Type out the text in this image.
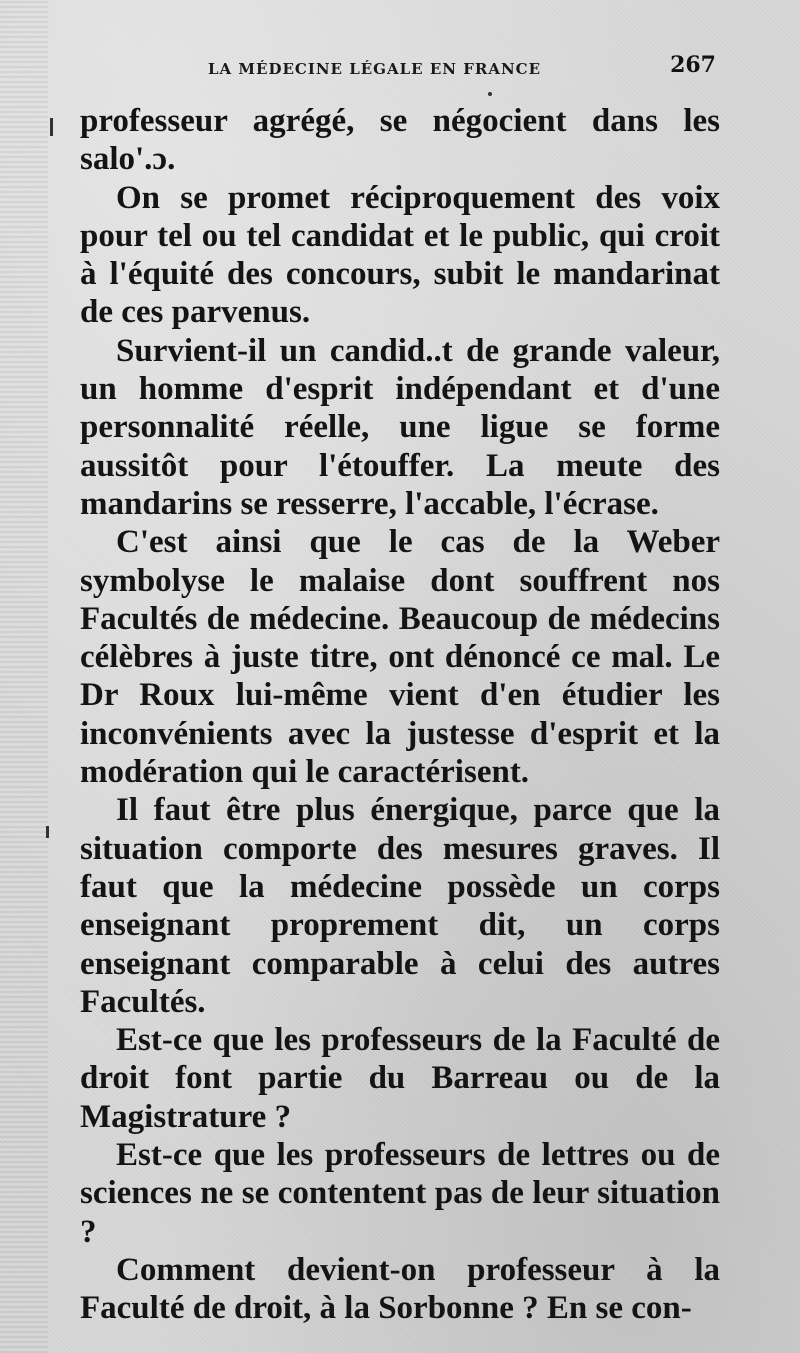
LA MÉDECINE LÉGALE EN FRANCE	267

professeur agrégé, se négocient dans les salo'.ɔ.

On se promet réciproquement des voix pour tel ou tel candidat et le public, qui croit à l'équité des concours, subit le mandarinat de ces parvenus.

Survient-il un candid..t de grande valeur, un homme d'esprit indépendant et d'une personnalité réelle, une ligue se forme aussitôt pour l'étouffer. La meute des mandarins se resserre, l'accable, l'écrase.

C'est ainsi que le cas de la Weber symbolyse le malaise dont souffrent nos Facultés de médecine. Beaucoup de médecins célèbres à juste titre, ont dénoncé ce mal. Le Dr Roux lui-même vient d'en étudier les inconvénients avec la justesse d'esprit et la modération qui le caractérisent.

Il faut être plus énergique, parce que la situation comporte des mesures graves. Il faut que la médecine possède un corps enseignant proprement dit, un corps enseignant comparable à celui des autres Facultés.

Est-ce que les professeurs de la Faculté de droit font partie du Barreau ou de la Magistrature ?

Est-ce que les professeurs de lettres ou de sciences ne se contentent pas de leur situation ?

Comment devient-on professeur à la Faculté de droit, à la Sorbonne ? En se con-
